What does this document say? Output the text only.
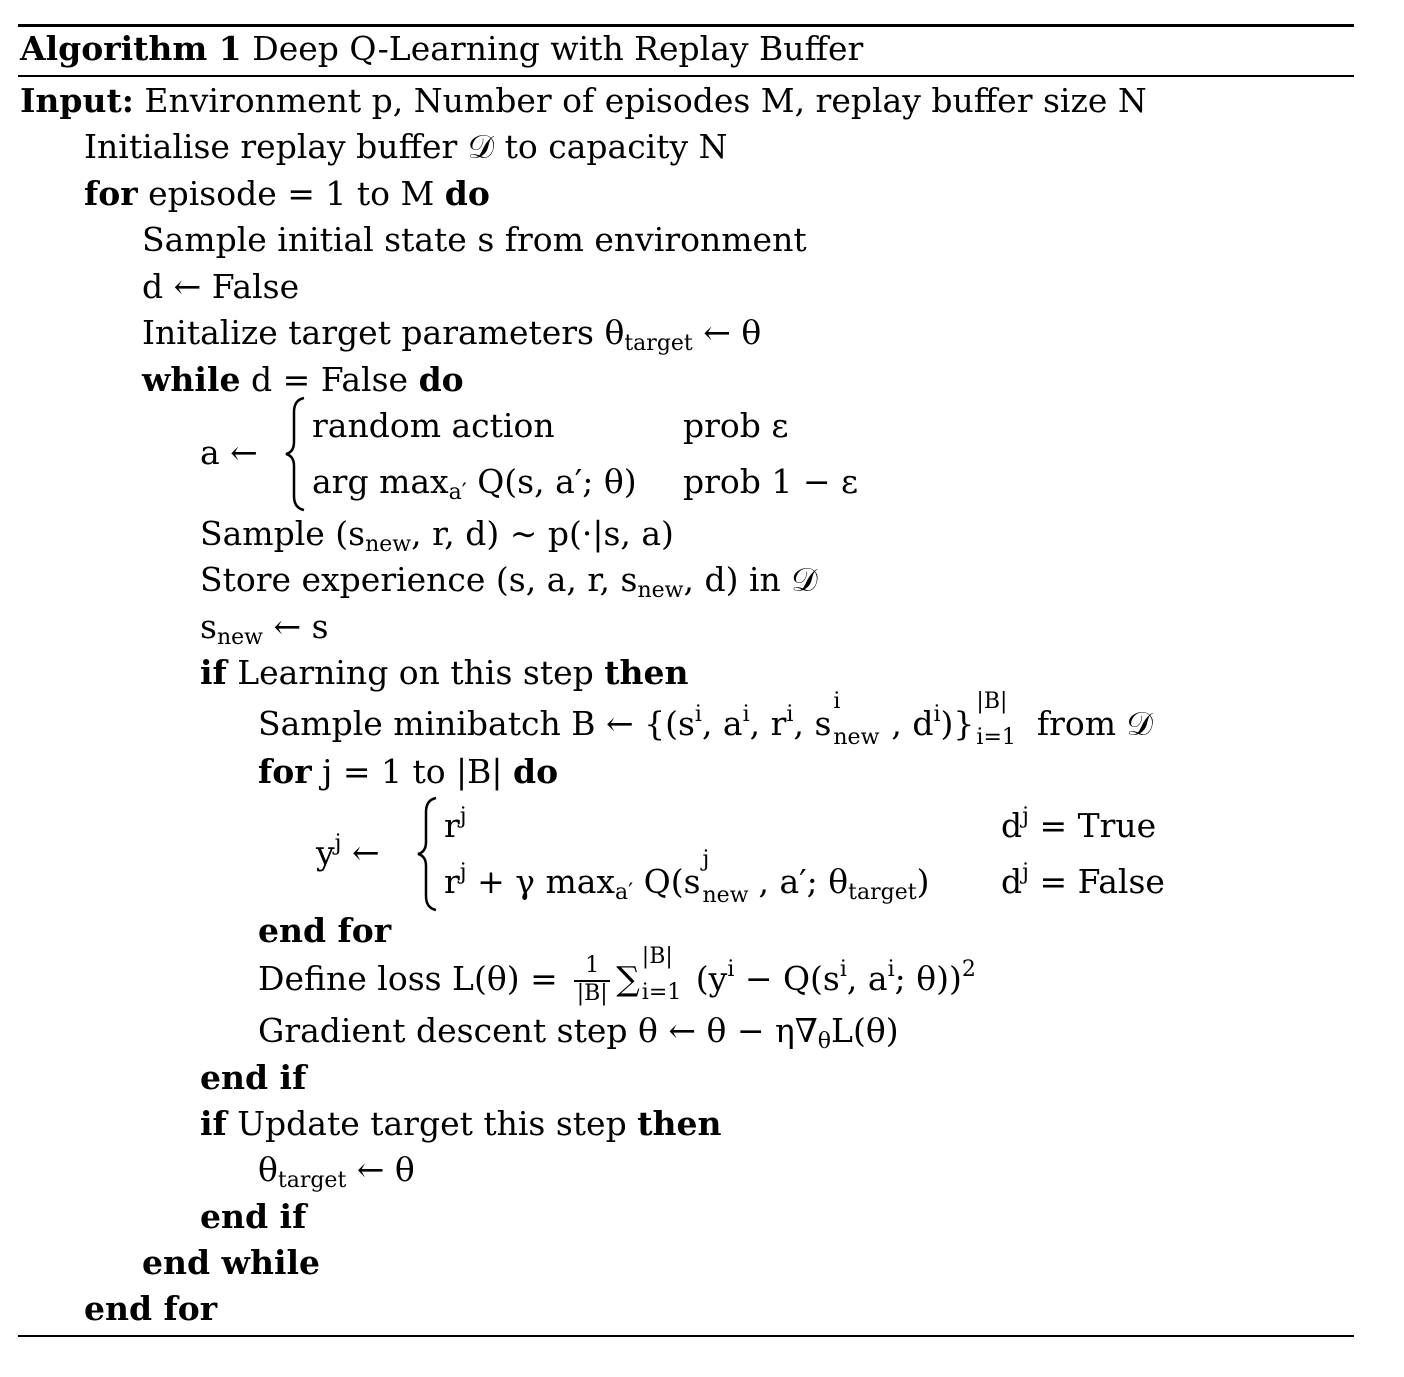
Algorithm 1 Deep Q-Learning with Replay Buffer
Input: Environment p, Number of episodes M, replay buffer size N
Initialise replay buffer 𝒟 to capacity N
for episode = 1 to M do
Sample initial state s from environment
d ← False
Initalize target parameters $\theta_{target}$ ← θ
while d = False do
a ←
random action	prob ε
arg $\max_{a'} Q(s$, a′; θ) prob 1 − ε
Sample ($s_{new}$, r, d) ∼ p(·|s, a)
Store experience (s, a, r, $s_{new}$, d) in 𝒟
$s_{new}$ ← s
if Learning on this step then
Sample minibatch B ← {($s^i$, $a^i$, $r^i$, s
i
new , $d^i$)}
|B|
i=1 from 𝒟
for j = 1 to |B| do
$y^j$ ←
$r^j$	$d^j$ = True
$r^j + \gamma$ $\max_{a'} Q(s$
j
new , a′; $\theta_{target}$) $d^j$ = False
end for
Define loss $L(\theta) = \frac{1}{|B|}$ ∑
|B|
i=1 ($y^i - Q(s^i$, $a^i$; θ))$^2$
Gradient descent step θ ← $\theta - \eta\nabla_\theta L(\theta)$
end if
if Update target this step then
$\theta_{target}$ ← θ
end if
end while
end for
